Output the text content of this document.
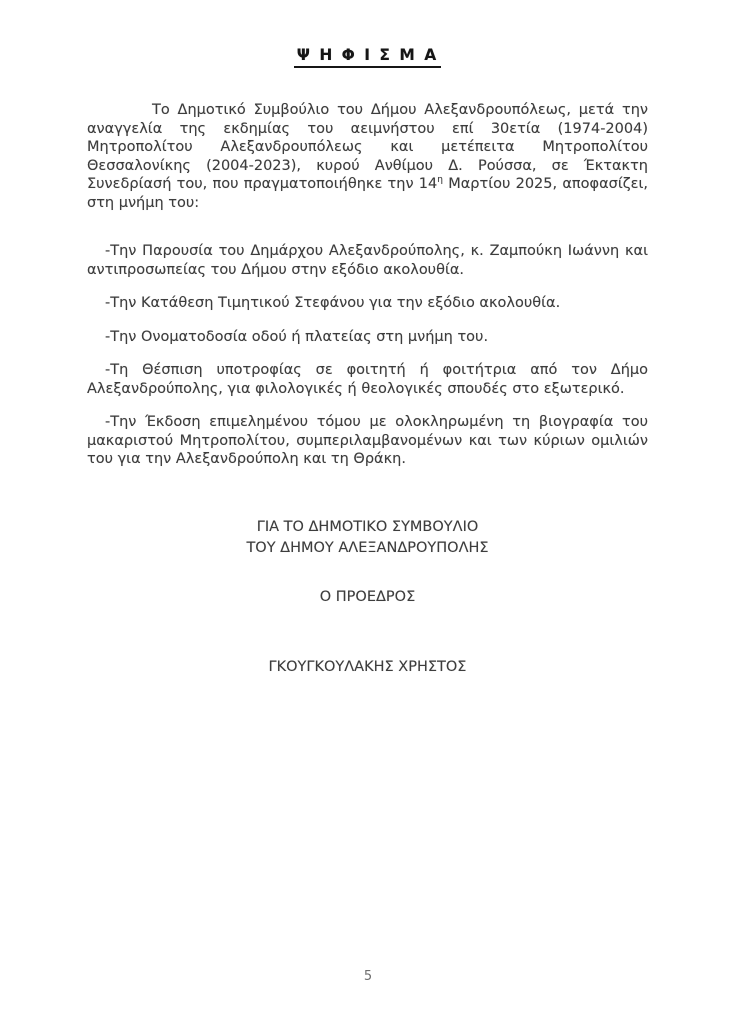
Ψ Η Φ Ι Σ Μ Α

Το Δημοτικό Συμβούλιο του Δήμου Αλεξανδρουπόλεως, μετά την αναγγελία της εκδημίας του αειμνήστου επί 30ετία (1974-2004) Μητροπολίτου Αλεξανδρουπόλεως και μετέπειτα Μητροπολίτου Θεσσαλονίκης (2004-2023), κυρού Ανθίμου Δ. Ρούσσα, σε Έκτακτη Συνεδρίασή του, που πραγματοποιήθηκε την $14^\eta$ Μαρτίου 2025, αποφασίζει, στη μνήμη του:

-Την Παρουσία του Δημάρχου Αλεξανδρούπολης, κ. Ζαμπούκη Ιωάννη και αντιπροσωπείας του Δήμου στην εξόδιο ακολουθία.

-Την Κατάθεση Τιμητικού Στεφάνου για την εξόδιο ακολουθία.

-Την Ονοματοδοσία οδού ή πλατείας στη μνήμη του.

-Τη Θέσπιση υποτροφίας σε φοιτητή ή φοιτήτρια από τον Δήμο Αλεξανδρούπολης, για φιλολογικές ή θεολογικές σπουδές στο εξωτερικό.

-Την Έκδοση επιμελημένου τόμου με ολοκληρωμένη τη βιογραφία του μακαριστού Μητροπολίτου, συμπεριλαμβανομένων και των κύριων ομιλιών του για την Αλεξανδρούπολη και τη Θράκη.

ΓΙΑ ΤΟ ΔΗΜΟΤΙΚΟ ΣΥΜΒΟΥΛΙΟ

ΤΟΥ ΔΗΜΟΥ ΑΛΕΞΑΝΔΡΟΥΠΟΛΗΣ

Ο ΠΡΟΕΔΡΟΣ

ΓΚΟΥΓΚΟΥΛΑΚΗΣ ΧΡΗΣΤΟΣ

5
